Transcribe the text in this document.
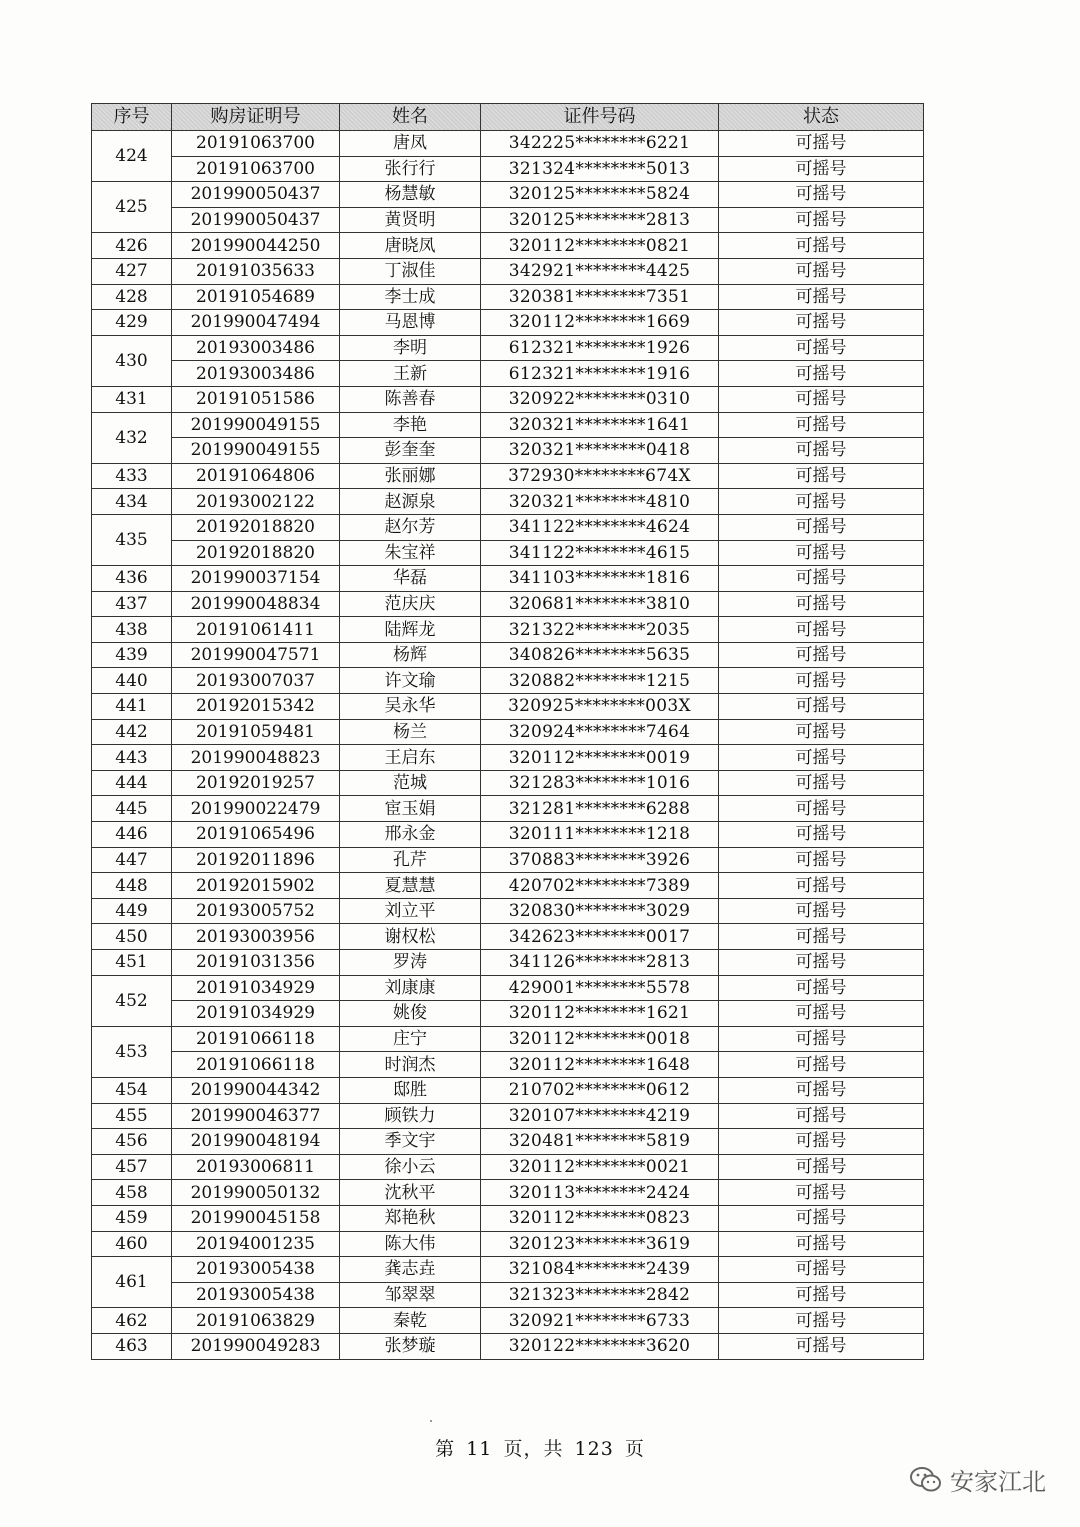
序号	购房证明号	姓名	证件号码	状态
424	20191063700	唐凤	342225********6221	可摇号
	20191063700	张行行	321324********5013	可摇号
425	201990050437	杨慧敏	320125********5824	可摇号
	201990050437	黄贤明	320125********2813	可摇号
426	201990044250	唐晓凤	320112********0821	可摇号
427	20191035633	丁淑佳	342921********4425	可摇号
428	20191054689	李士成	320381********7351	可摇号
429	201990047494	马恩博	320112********1669	可摇号
430	20193003486	李明	612321********1926	可摇号
	20193003486	王新	612321********1916	可摇号
431	20191051586	陈善春	320922********0310	可摇号
432	201990049155	李艳	320321********1641	可摇号
	201990049155	彭奎奎	320321********0418	可摇号
433	20191064806	张丽娜	372930********674X	可摇号
434	20193002122	赵源泉	320321********4810	可摇号
435	20192018820	赵尔芳	341122********4624	可摇号
	20192018820	朱宝祥	341122********4615	可摇号
436	201990037154	华磊	341103********1816	可摇号
437	201990048834	范庆庆	320681********3810	可摇号
438	20191061411	陆辉龙	321322********2035	可摇号
439	201990047571	杨辉	340826********5635	可摇号
440	20193007037	许文瑜	320882********1215	可摇号
441	20192015342	吴永华	320925********003X	可摇号
442	20191059481	杨兰	320924********7464	可摇号
443	201990048823	王启东	320112********0019	可摇号
444	20192019257	范城	321283********1016	可摇号
445	201990022479	宦玉娟	321281********6288	可摇号
446	20191065496	邢永金	320111********1218	可摇号
447	20192011896	孔芹	370883********3926	可摇号
448	20192015902	夏慧慧	420702********7389	可摇号
449	20193005752	刘立平	320830********3029	可摇号
450	20193003956	谢权松	342623********0017	可摇号
451	20191031356	罗涛	341126********2813	可摇号
452	20191034929	刘康康	429001********5578	可摇号
	20191034929	姚俊	320112********1621	可摇号
453	20191066118	庄宁	320112********0018	可摇号
	20191066118	时润杰	320112********1648	可摇号
454	201990044342	邸胜	210702********0612	可摇号
455	201990046377	顾铁力	320107********4219	可摇号
456	201990048194	季文宇	320481********5819	可摇号
457	20193006811	徐小云	320112********0021	可摇号
458	201990050132	沈秋平	320113********2424	可摇号
459	201990045158	郑艳秋	320112********0823	可摇号
460	20194001235	陈大伟	320123********3619	可摇号
461	20193005438	龚志垚	321084********2439	可摇号
	20193005438	邹翠翠	321323********2842	可摇号
462	20191063829	秦乾	320921********6733	可摇号
463	201990049283	张梦璇	320122********3620	可摇号
第 11 页，共 123 页
安家江北
